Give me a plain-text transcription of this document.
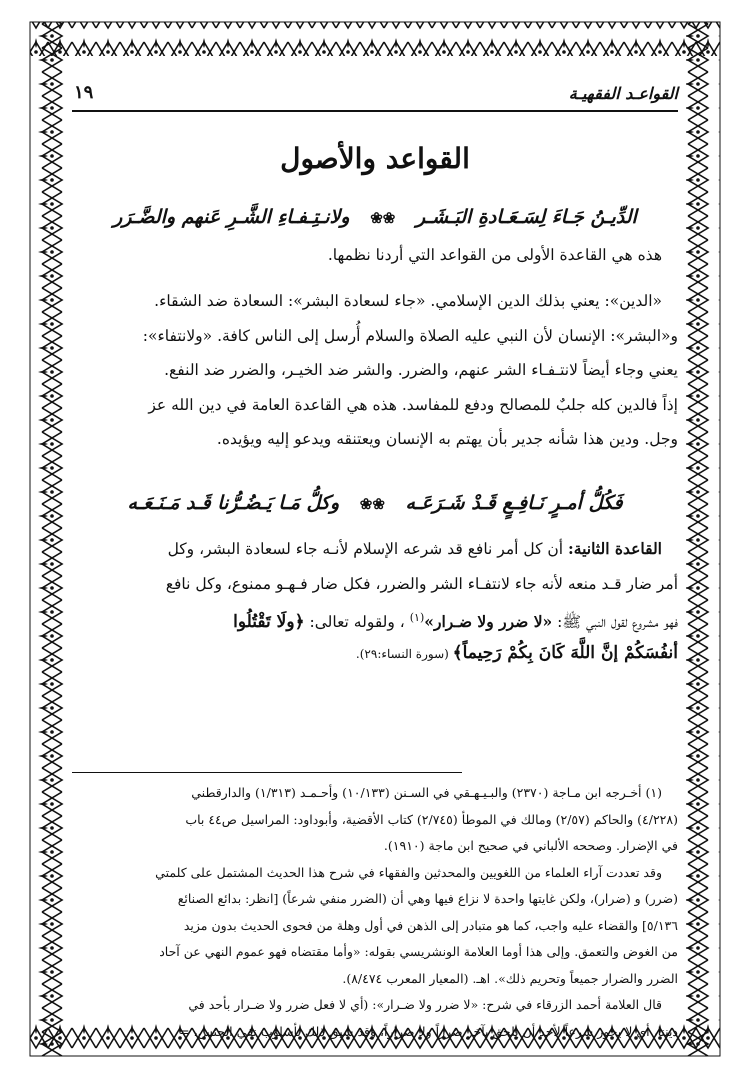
القواعـد الفقهيـة
١٩
القواعد والأصول
الدِّيـنُ جَـاءَ لِسَـعَـادةِ البَـشَـر ❀❀ ولانـتِـفـاءِ الشَّـرِ عَنهم والضَّـرَر
هذه هي القاعدة الأولى من القواعد التي أردنا نظمها.
«الدين»: يعني بذلك الدين الإسلامي. «جاء لسعادة البشر»: السعادة ضد الشقاء.
و«البشر»: الإنسان لأن النبي عليه الصلاة والسلام أُرسل إلى الناس كافة. «ولانتفاء»:
يعني وجاء أيضاً لانتـفـاء الشر عنهم، والضرر. والشر ضد الخيـر، والضرر ضد النفع.
إذاً فالدين كله جلبٌ للمصالح ودفع للمفاسد. هذه هي القاعدة العامة في دين الله عز
وجل. ودين هذا شأنه جدير بأن يهتم به الإنسان ويعتنقه ويدعو إليه ويؤيده.
فَكُلُّ أمـرٍ نَـافِـعٍ قَـدْ شَـرَعَـه ❀❀ وكلُّ مَـا يَـضُـرُّنا قَـد مَـنَـعَـه
القاعدة الثانية: أن كل أمر نافع قد شرعه الإسلام لأنـه جاء لسعادة البشر، وكل
أمر ضار قـد منعه لأنه جاء لانتفـاء الشر والضرر، فكل ضار فـهـو ممنوع، وكل نافع
فهو مشروع لقول النبي ﷺ: «لا ضرر ولا ضـرار»$^{(١)}$ ، ولقوله تعالى: ﴿ولَا تَقْتُلُوا
أنفُسَكُمْ إنَّ اللَّهَ كَانَ بِكُمْ رَحِيماً﴾ (سورة النساء:٢٩).
(١) أخـرجه ابن مـاجة (٢٣٧٠) والبـيـهـقي في السـنن (١٠/١٣٣) وأحـمـد (١/٣١٣) والدارقطني
(٤/٢٢٨) والحاكم (٢/٥٧) ومالك في الموطأ (٢/٧٤٥) كتاب الأقضية، وأبوداود: المراسيل ص٤٤ باب
في الإضرار. وصححه الألباني في صحيح ابن ماجة (١٩١٠).
وقد تعددت آراء العلماء من اللغويين والمحدثين والفقهاء في شرح هذا الحديث المشتمل على كلمتي
(ضرر) و (ضرار)، ولكن غايتها واحدة لا نزاع فيها وهي أن (الضرر منفي شرعاً) [انظر: بدائع الصنائع
٥/١٣٦] والقضاء عليه واجب، كما هو متبادر إلى الذهن في أول وهلة من فحوى الحديث بدون مزيد
من الغوض والتعمق. وإلى هذا أوما العلامة الونشريسي بقوله: «وأما مقتضاه فهو عموم النهي عن آحاد
الضرر والضرار جميعاً وتحريم ذلك». اهـ. (المعيار المعرب ٨/٤٧٤).
قال العلامة أحمد الزرقاء في شرح: «لا ضرر ولا ضـرار»: (أي لا فعل ضرر ولا ضـرار بأحد في
ديننا، أي لا يجوز شرعاً لأحد أن يلحق بآخر ضرراً ولا ضراراً، وقد سيق ذلك بأسلوب نفي الجنس، =
